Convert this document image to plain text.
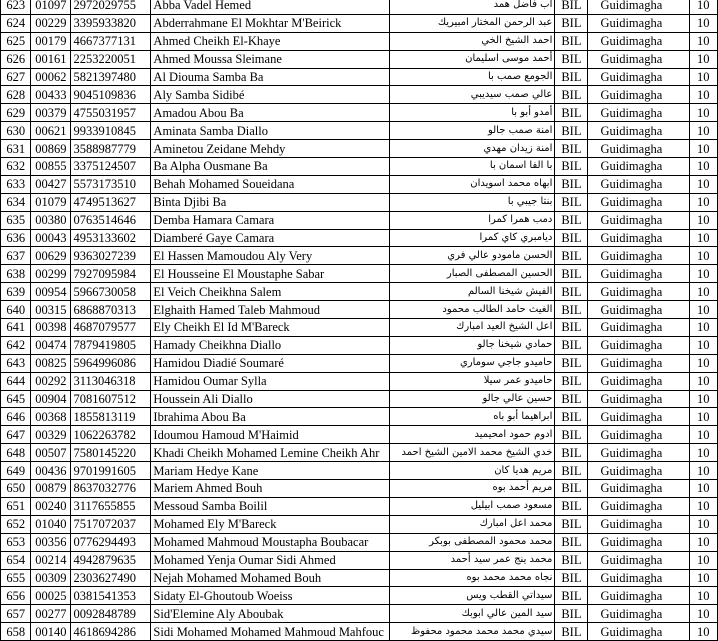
623	01097	2972029755	Abba Vadel Hemed	أب فاضل همد	BIL	Guidimagha	10
624	00229	3395933820	Abderrahmane El Mokhtar M'Beirick	عبد الرحمن المختار امبيريك	BIL	Guidimagha	10
625	00179	4667377131	Ahmed Cheikh El-Khaye	احمد الشيخ الخي	BIL	Guidimagha	10
626	00161	2253220051	Ahmed Moussa Sleimane	أحمد موسى اسليمان	BIL	Guidimagha	10
627	00062	5821397480	Al Diouma Samba Ba	الجومع صمب با	BIL	Guidimagha	10
628	00433	9045109836	Aly Samba Sidibé	عالي صمب سيديبي	BIL	Guidimagha	10
629	00379	4755031957	Amadou Abou Ba	أمدو أبو با	BIL	Guidimagha	10
630	00621	9933910845	Aminata Samba Diallo	امنة صمب جالو	BIL	Guidimagha	10
631	00869	3588987779	Aminetou Zeidane Mehdy	امنة زيدان مهدي	BIL	Guidimagha	10
632	00855	3375124507	Ba Alpha Ousmane Ba	با الفا اسمان با	BIL	Guidimagha	10
633	00427	5573173510	Behah Mohamed Soueidana	ابهاه محمد اسويدان	BIL	Guidimagha	10
634	01079	4749513627	Binta Djibi Ba	بنتا جيبي با	BIL	Guidimagha	10
635	00380	0763514646	Demba Hamara Camara	دمب همرا كمرا	BIL	Guidimagha	10
636	00043	4953133602	Diamberé Gaye Camara	دیامبري كاي كمرا	BIL	Guidimagha	10
637	00629	9363027239	El Hassen Mamoudou Aly Very	الحسن مامودو عالي فري	BIL	Guidimagha	10
638	00299	7927095984	El Housseine El Moustaphe Sabar	الحسين المصطفى الصبار	BIL	Guidimagha	10
639	00954	5966730058	El Veich Cheikhna Salem	الفيش شيخنا السالم	BIL	Guidimagha	10
640	00315	6868870313	Elghaith Hamed Taleb Mahmoud	الغيث حامد الطالب محمود	BIL	Guidimagha	10
641	00398	4687079577	Ely Cheikh El Id M'Bareck	اعل الشيخ العيد امبارك	BIL	Guidimagha	10
642	00474	7879419805	Hamady Cheikhna Diallo	حمادي شيخنا جالو	BIL	Guidimagha	10
643	00825	5964996086	Hamidou Diadié Soumaré	حاميدو جاجي سوماري	BIL	Guidimagha	10
644	00292	3113046318	Hamidou Oumar Sylla	حاميدو عمر سيلا	BIL	Guidimagha	10
645	00904	7081607512	Houssein Ali Diallo	حسين عالي جالو	BIL	Guidimagha	10
646	00368	1855813119	Ibrahima Abou Ba	ابراهيما أبو باه	BIL	Guidimagha	10
647	00329	1062263782	Idoumou Hamoud M'Haimid	ادوم حمود امحيميد	BIL	Guidimagha	10
648	00507	7580145220	Khadi Cheikh Mohamed Lemine Cheikh Ahr	خدي الشيخ محمد الامين الشيخ احمد	BIL	Guidimagha	10
649	00436	9701991605	Mariam Hedye Kane	مريم هديا كان	BIL	Guidimagha	10
650	00879	8637032776	Mariem Ahmed Bouh	مريم أحمد بوه	BIL	Guidimagha	10
651	00240	3117655855	Messoud Samba Boilil	مسعود صمب ابيليل	BIL	Guidimagha	10
652	01040	7517072037	Mohamed Ely M'Bareck	محمد اعل امبارك	BIL	Guidimagha	10
653	00356	0776294493	Mohamed Mahmoud Moustapha Boubacar	محمد محمود المصطفى بوبكر	BIL	Guidimagha	10
654	00214	4942879635	Mohamed Yenja Oumar Sidi Ahmed	محمد ينج عمر سيد أحمد	BIL	Guidimagha	10
655	00309	2303627490	Nejah Mohamed Mohamed Bouh	نجاه محمد محمد بوه	BIL	Guidimagha	10
656	00025	0381541353	Sidaty El-Ghoutoub Woeiss	سيداتي القطب ويس	BIL	Guidimagha	10
657	00277	0092848789	Sid'Elemine Aly Aboubak	سيد المين عالي ابوبك	BIL	Guidimagha	10
658	00140	4618694286	Sidi Mohamed Mohamed Mahmoud Mahfouc	سيدي محمد محمد محمود محفوظ	BIL	Guidimagha	10
